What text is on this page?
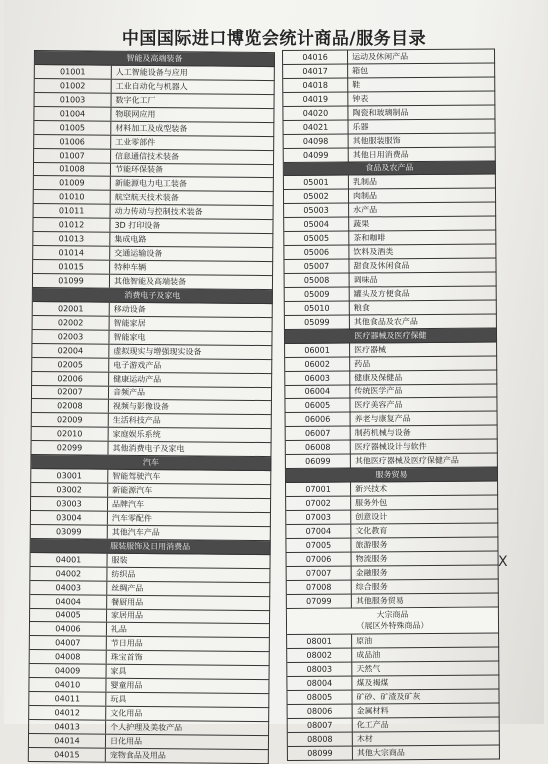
中国国际进口博览会统计商品/服务目录
智能及高端装备
01001	人工智能设备与应用
01002	工业自动化与机器人
01003	数字化工厂
01004	物联网应用
01005	材料加工及成型装备
01006	工业零部件
01007	信息通信技术装备
01008	节能环保装备
01009	新能源电力电工装备
01010	航空航天技术装备
01011	动力传动与控制技术装备
01012	3D 打印设备
01013	集成电路
01014	交通运输设备
01015	特种车辆
01099	其他智能及高端装备
消费电子及家电
02001	移动设备
02002	智能家居
02003	智能家电
02004	虚拟现实与增强现实设备
02005	电子游戏产品
02006	健康运动产品
02007	音频产品
02008	视频与影像设备
02009	生活科技产品
02010	家庭娱乐系统
02099	其他消费电子及家电
汽车
03001	智能驾驶汽车
03002	新能源汽车
03003	品牌汽车
03004	汽车零配件
03099	其他汽车产品
服装服饰及日用消费品
04001	服装
04002	纺织品
04003	丝绸产品
04004	餐厨用品
04005	家居用品
04006	礼品
04007	节日用品
04008	珠宝首饰
04009	家具
04010	婴童用品
04011	玩具
04012	文化用品
04013	个人护理及美妆产品
04014	日化用品
04015	宠物食品及用品
04016	运动及休闲产品
04017	箱包
04018	鞋
04019	钟表
04020	陶瓷和玻璃制品
04021	乐器
04098	其他服装服饰
04099	其他日用消费品
食品及农产品
05001	乳制品
05002	肉制品
05003	水产品
05004	蔬果
05005	茶和咖啡
05006	饮料及酒类
05007	甜食及休闲食品
05008	调味品
05009	罐头及方便食品
05010	粮食
05099	其他食品及农产品
医疗器械及医疗保健
06001	医疗器械
06002	药品
06003	健康及保健品
06004	传统医学产品
06005	医疗美容产品
06006	养老与康复产品
06007	制药机械与设备
06008	医疗器械设计与软件
06099	其他医疗器械及医疗保健产品
服务贸易
07001	新兴技术
07002	服务外包
07003	创意设计
07004	文化教育
07005	旅游服务
07006	物流服务
07007	金融服务
07008	综合服务
07099	其他服务贸易
大宗商品
（展区外特殊商品）
08001	原油
08002	成品油
08003	天然气
08004	煤及褐煤
08005	矿砂、矿渣及矿灰
08006	金属材料
08007	化工产品
08008	木材
08099	其他大宗商品
X
